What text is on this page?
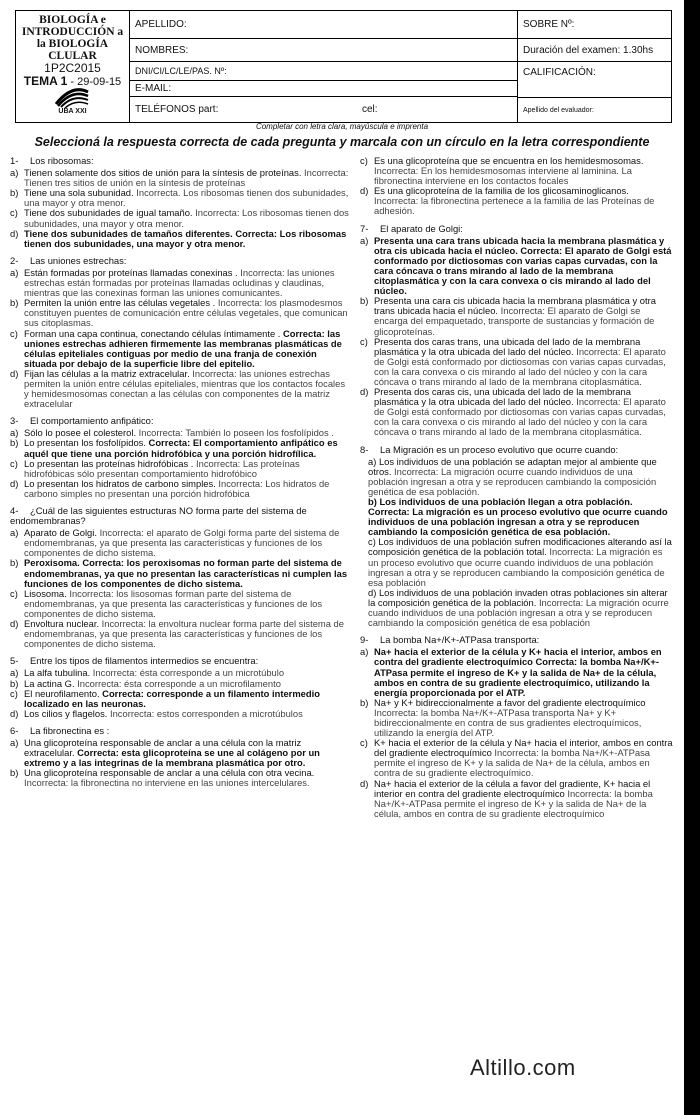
BIOLOGÍA e INTRODUCCIÓN a la BIOLOGÍA CLULAR
1P2C2015
TEMA 1 - 29-09-15
UBA XXI
APELLIDO:
NOMBRES:
DNI/CI/LC/LE/PAS. Nº:
E-MAIL:
TELÉFONOS part:	cel:
SOBRE Nº:
Duración del examen: 1.30hs
CALIFICACIÓN:
Apellido del evaluador:
Completar con letra clara, mayúscula e imprenta
Seleccioná la respuesta correcta de cada pregunta y marcala con un círculo en la letra correspondiente
1- Los ribosomas:
a) Tienen solamente dos sitios de unión para la síntesis de proteínas. Incorrecta: Tienen tres sitios de unión en la síntesis de proteínas
b) Tiene una sola subunidad. Incorrecta. Los ribosomas tienen dos subunidades, una mayor y otra menor.
c) Tiene dos subunidades de igual tamaño. Incorrecta: Los ribosomas tienen dos subunidades, una mayor y otra menor.
d) Tiene dos subunidades de tamaños diferentes. Correcta: Los ribosomas tienen dos subunidades, una mayor y otra menor.
2- Las uniones estrechas:
a) Están formadas por proteínas llamadas conexinas . Incorrecta: las uniones estrechas están formadas por proteínas llamadas ocludinas y claudinas, mientras que las conexinas forman las uniones comunicantes.
b) Permiten la unión entre las células vegetales . Incorrecta: los plasmodesmos constituyen puentes de comunicación entre células vegetales, que comunican sus citoplasmas.
c) Forman una capa continua, conectando células íntimamente . Correcta: las uniones estrechas adhieren firmemente las membranas plasmáticas de células epiteliales contiguas por medio de una franja de conexión situada por debajo de la superficie libre del epitelio.
d) Fijan las células a la matriz extracelular. Incorrecta: las uniones estrechas permiten la unión entre células epiteliales, mientras que los contactos focales y hemidesmosomas conectan a las células con componentes de la matriz extracelular
3- El comportamiento anfipático:
a) Sólo lo posee el colesterol. Incorrecta: También lo poseen los fosfolípidos .
b) Lo presentan los fosfolípidos. Correcta: El comportamiento anfipático es aquél que tiene una porción hidrofóbica y una porción hidrofílica.
c) Lo presentan las proteínas hidrofóbicas . Incorrecta: Las proteínas hidrofóbicas sólo presentan comportamiento hidrofóbico
d) Lo presentan los hidratos de carbono simples. Incorrecta: Los hidratos de carbono simples no presentan una porción hidrofóbica
4- ¿Cuál de las siguientes estructuras NO forma parte del sistema de endomembranas?
a) Aparato de Golgi. Incorrecta: el aparato de Golgi forma parte del sistema de endomembranas, ya que presenta las características y funciones de los componentes de dicho sistema.
b) Peroxisoma. Correcta: los peroxisomas no forman parte del sistema de endomembranas, ya que no presentan las características ni cumplen las funciones de los componentes de dicho sistema.
c) Lisosoma. Incorrecta: los lisosomas forman parte del sistema de endomembranas, ya que presenta las características y funciones de los componentes de dicho sistema.
d) Envoltura nuclear. Incorrecta: la envoltura nuclear forma parte del sistema de endomembranas, ya que presenta las características y funciones de los componentes de dicho sistema.
5- Entre los tipos de filamentos intermedios se encuentra:
a) La alfa tubulina. Incorrecta: ésta corresponde a un microtúbulo
b) La actina G. Incorrecta: ésta corresponde a un microfilamento
c) El neurofilamento. Correcta: corresponde a un filamento intermedio localizado en las neuronas.
d) Los cilios y flagelos. Incorrecta: estos corresponden a microtúbulos
6- La fibronectina es :
a) Una glicoproteína responsable de anclar a una célula con la matriz extracelular. Correcta: esta glicoproteína se une al colágeno por un extremo y a las integrinas de la membrana plasmática por otro.
b) Una glicoproteína responsable de anclar a una célula con otra vecina. Incorrecta: la fibronectina no interviene en las uniones intercelulares.
c) Es una glicoproteína que se encuentra en los hemidesmosomas. Incorrecta: En los hemidesmosomas interviene al laminina. La fibronectina interviene en los contactos focales
d) Es una glicoproteína de la familia de los glicosaminoglicanos. Incorrecta: la fibronectina pertenece a la familia de las Proteínas de adhesión.
7- El aparato de Golgi:
a) Presenta una cara trans ubicada hacia la membrana plasmática y otra cis ubicada hacia el núcleo. Correcta: El aparato de Golgi está conformado por dictiosomas con varias capas curvadas, con la cara cóncava o trans mirando al lado de la membrana citoplasmática y con la cara convexa o cis mirando al lado del núcleo.
b) Presenta una cara cis ubicada hacia la membrana plasmática y otra trans ubicada hacia el núcleo. Incorrecta: El aparato de Golgi se encarga del empaquetado, transporte de sustancias y formación de glicoproteínas.
c) Presenta dos caras trans, una ubicada del lado de la membrana plasmática y la otra ubicada del lado del núcleo. Incorrecta: El aparato de Golgi está conformado por dictiosomas con varias capas curvadas, con la cara convexa o cis mirando al lado del núcleo y con la cara cóncava o trans mirando al lado de la membrana citoplasmática.
d) Presenta dos caras cis, una ubicada del lado de la membrana plasmática y la otra ubicada del lado del núcleo. Incorrecta: El aparato de Golgi está conformado por dictiosomas con varias capas curvadas, con la cara convexa o cis mirando al lado del núcleo y con la cara cóncava o trans mirando al lado de la membrana citoplasmática.
8- La Migración es un proceso evolutivo que ocurre cuando:
a) Los individuos de una población se adaptan mejor al ambiente que otros. Incorrecta: La migración ocurre cuando individuos de una población ingresan a otra y se reproducen cambiando la composición genética de esa población.
b) Los individuos de una población llegan a otra población. Correcta: La migración es un proceso evolutivo que ocurre cuando individuos de una población ingresan a otra y se reproducen cambiando la composición genética de esa población.
c) Los individuos de una población sufren modificaciones alterando así la composición genética de la población total. Incorrecta: La migración es un proceso evolutivo que ocurre cuando individuos de una población ingresan a otra y se reproducen cambiando la composición genética de esa población
d) Los individuos de una población invaden otras poblaciones sin alterar la composición genética de la población. Incorrecta: La migración ocurre cuando individuos de una población ingresan a otra y se reproducen cambiando la composición genética de esa población
9- La bomba Na+/K+-ATPasa transporta:
a) Na+ hacia el exterior de la célula y K+ hacia el interior, ambos en contra del gradiente electroquímico Correcta: la bomba Na+/K+-ATPasa permite el ingreso de K+ y la salida de Na+ de la célula, ambos en contra de su gradiente electroquímico, utilizando la energía proporcionada por el ATP.
b) Na+ y K+ bidireccionalmente a favor del gradiente electroquímico Incorrecta: la bomba Na+/K+-ATPasa transporta Na+ y K+ bidireccionalmente en contra de sus gradientes electroquímicos, utilizando la energía del ATP.
c) K+ hacia el exterior de la célula y Na+ hacia el interior, ambos en contra del gradiente electroquímico Incorrecta: la bomba Na+/K+-ATPasa permite el ingreso de K+ y la salida de Na+ de la célula, ambos en contra de su gradiente electroquímico.
d) Na+ hacia el exterior de la célula a favor del gradiente, K+ hacia el interior en contra del gradiente electroquímico Incorrecta: la bomba Na+/K+-ATPasa permite el ingreso de K+ y la salida de Na+ de la célula, ambos en contra de su gradiente electroquímico
Altillo.com
